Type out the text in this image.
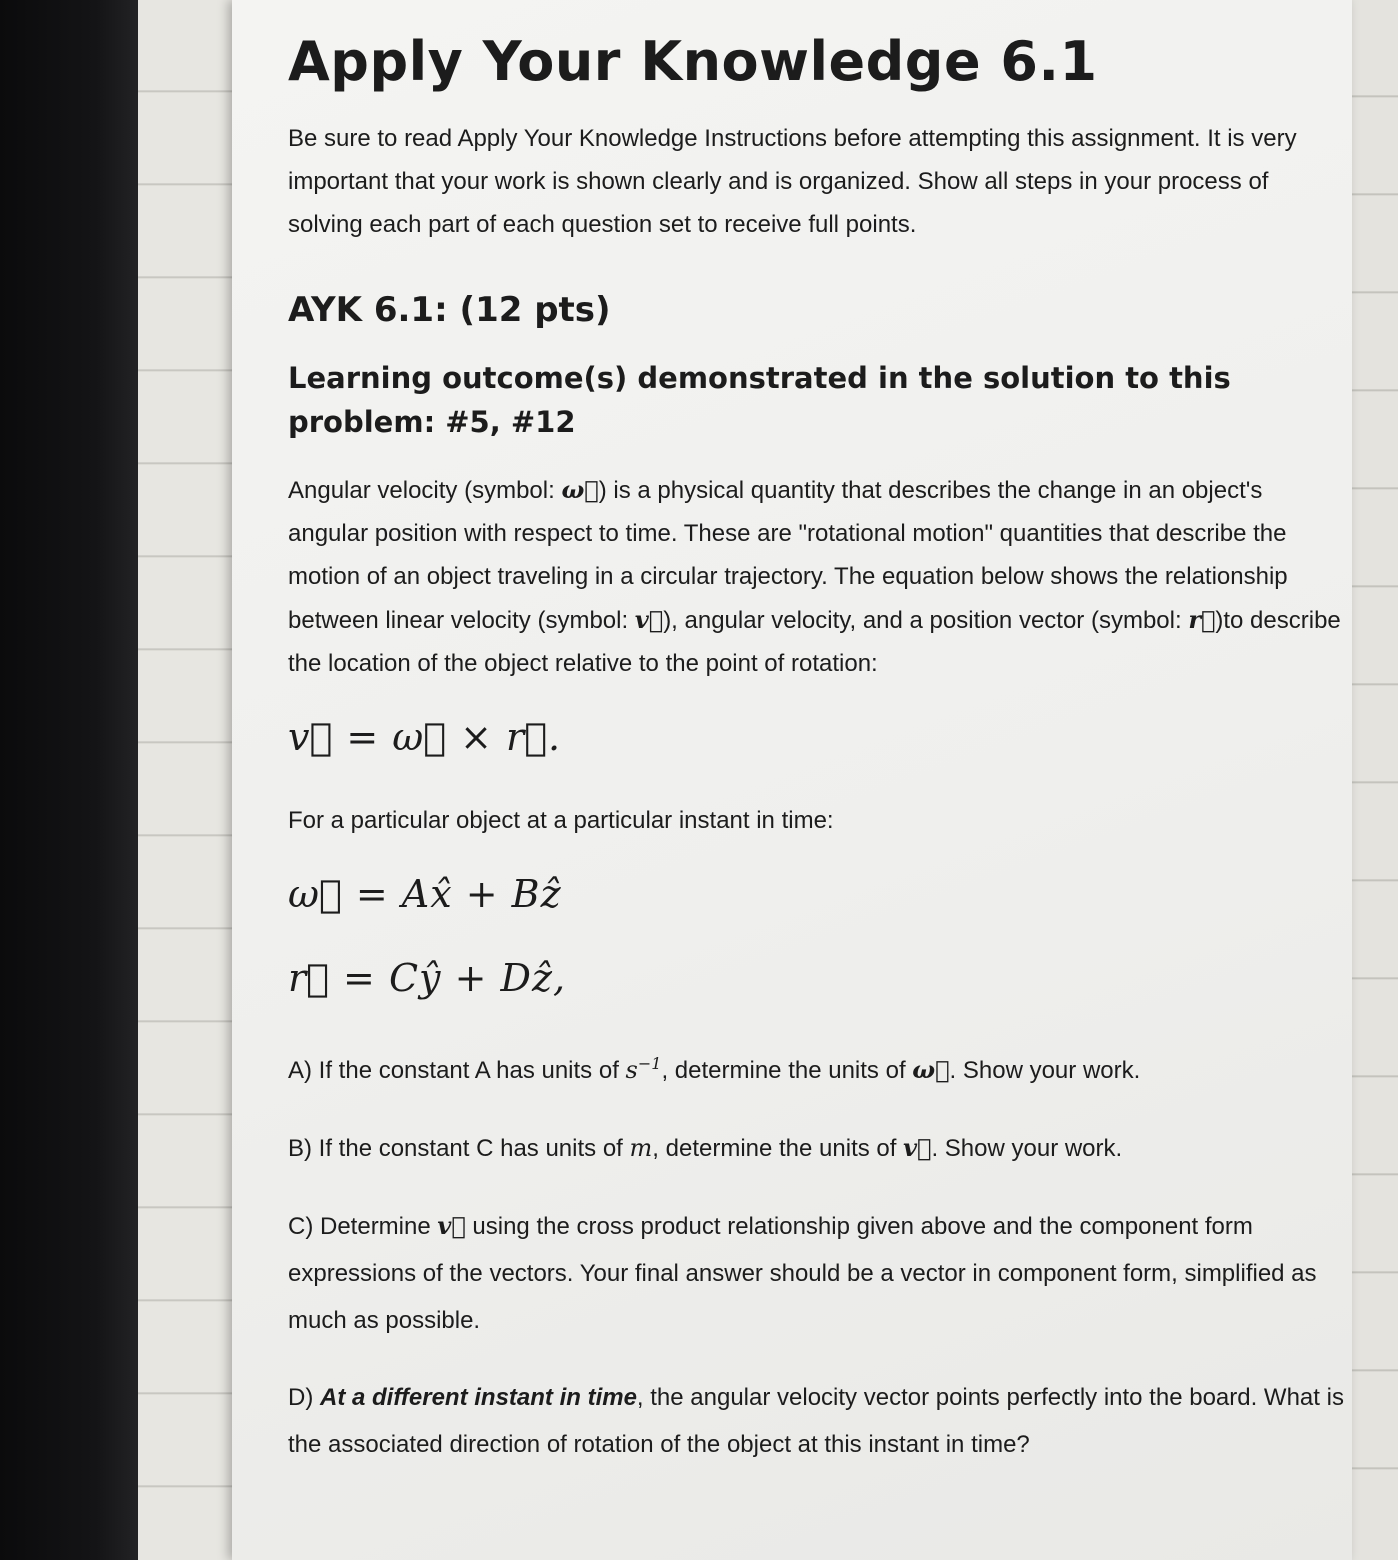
Apply Your Knowledge 6.1

Be sure to read Apply Your Knowledge Instructions before attempting this assignment. It is very important that your work is shown clearly and is organized. Show all steps in your process of solving each part of each question set to receive full points.

AYK 6.1: (12 pts)
Learning outcome(s) demonstrated in the solution to this problem: #5, #12

Angular velocity (symbol: ω⃗) is a physical quantity that describes the change in an object's angular position with respect to time. These are "rotational motion" quantities that describe the motion of an object traveling in a circular trajectory. The equation below shows the relationship between linear velocity (symbol: v⃗), angular velocity, and a position vector (symbol: r⃗)to describe the location of the object relative to the point of rotation:

v⃗ = ω⃗ × r⃗.

For a particular object at a particular instant in time:

ω⃗ = Ax̂ + Bẑ
r⃗ = Cŷ + Dẑ,

A) If the constant A has units of $s^{-1}$, determine the units of ω⃗. Show your work.

B) If the constant C has units of m, determine the units of v⃗. Show your work.

C) Determine v⃗ using the cross product relationship given above and the component form expressions of the vectors. Your final answer should be a vector in component form, simplified as much as possible.

D) At a different instant in time, the angular velocity vector points perfectly into the board. What is the associated direction of rotation of the object at this instant in time?
